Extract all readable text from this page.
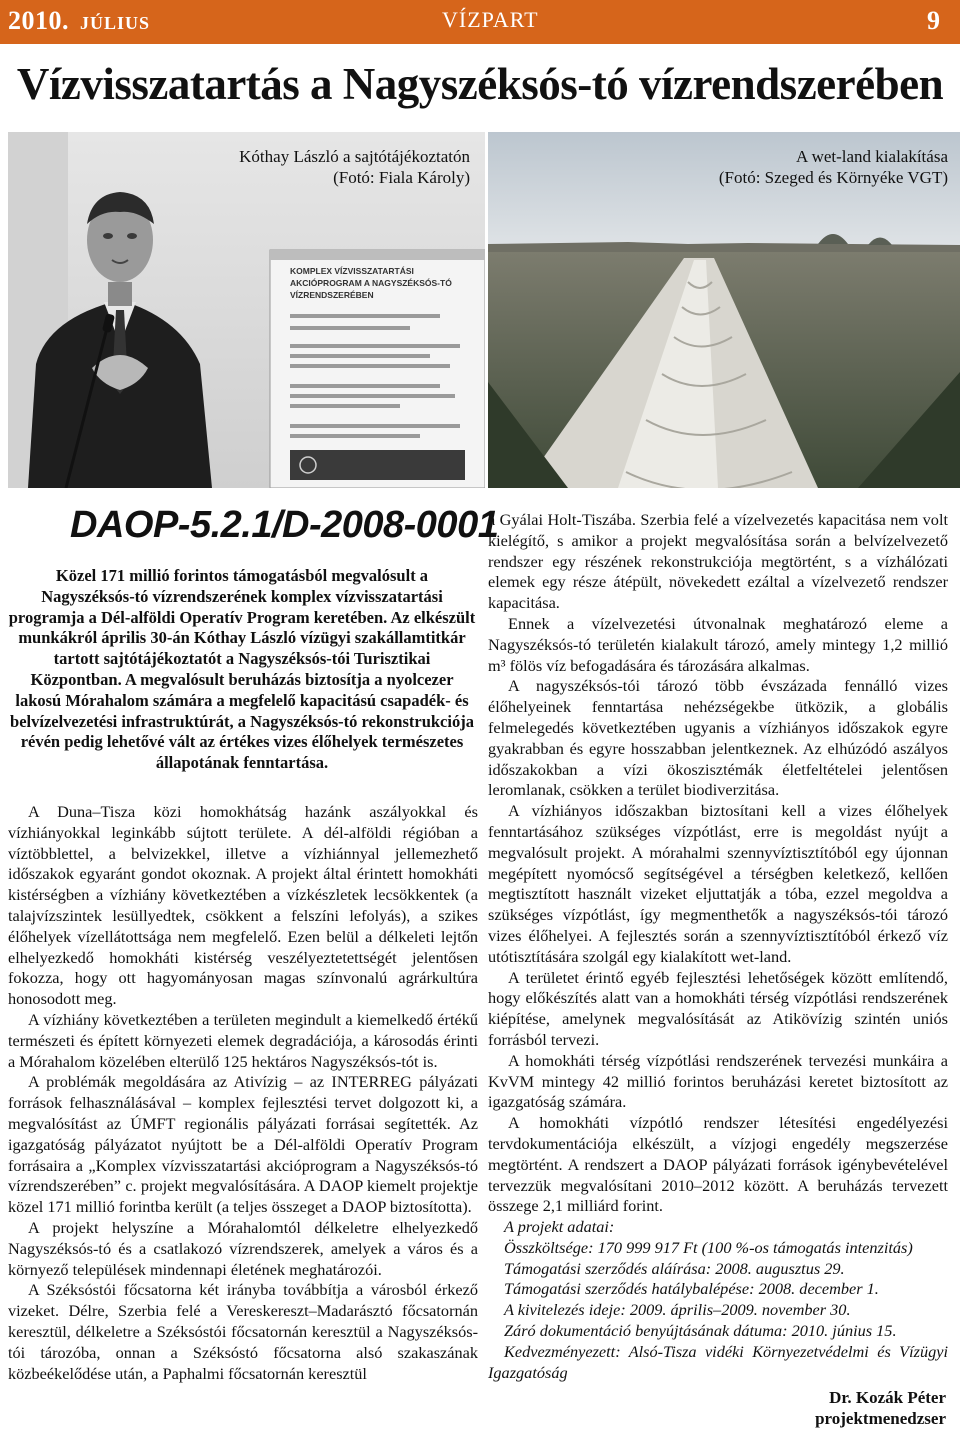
2010. JÚLIUS	VÍZPART	9
Vízvisszatartás a Nagyszéksós-tó vízrendszerében
KOMPLEX VÍZVISSZATARTÁSI
AKCIÓPROGRAM A NAGYSZÉKSÓS-TÓ
VÍZRENDSZERÉBEN
Kóthay László a sajtótájékoztatón
(Fotó: Fiala Károly)
A wet-land kialakítása
(Fotó: Szeged és Környéke VGT)
DAOP-5.2.1/D-2008-0001

Közel 171 millió forintos támogatásból megvalósult a Nagyszéksós-tó vízrendszerének komplex vízvisszatartási programja a Dél-alföldi Operatív Program keretében. Az elkészült munkákról április 30-án Kóthay László vízügyi szakállamtitkár tartott sajtótájékoztatót a Nagyszéksós-tói Turisztikai Központban. A megvalósult beruházás biztosítja a nyolcezer lakosú Mórahalom számára a megfelelő kapacitású csapadék- és belvízelvezetési infrastruktúrát, a Nagyszéksós-tó rekonstrukciója révén pedig lehetővé vált az értékes vizes élőhelyek természetes állapotának fenntartása.

A Duna–Tisza közi homokhátság hazánk aszályokkal és vízhiányokkal leginkább sújtott területe. A dél-alföldi régióban a víztöbblettel, a belvizekkel, illetve a vízhiánnyal jellemezhető időszakok egyaránt gondot okoznak. A projekt által érintett homokháti kistérségben a vízhiány következtében a vízkészletek lecsökkentek (a talajvízszintek lesüllyedtek, csökkent a felszíni lefolyás), a szikes élőhelyek vízellátottsága nem megfelelő. Ezen belül a délkeleti lejtőn elhelyezkedő homokháti kistérség veszélyeztetettségét jelentősen fokozza, hogy ott hagyományosan magas színvonalú agrárkultúra honosodott meg.

A vízhiány következtében a területen megindult a kiemelkedő értékű természeti és épített környezeti elemek degradációja, a károsodás érinti a Mórahalom közelében elterülő 125 hektáros Nagyszéksós-tót is.

A problémák megoldására az Ativízig – az INTERREG pályázati források felhasználásával – komplex fejlesztési tervet dolgozott ki, a megvalósítást az ÚMFT regionális pályázati forrásai segítették. Az igazgatóság pályázatot nyújtott be a Dél-alföldi Operatív Program forrásaira a „Komplex vízvisszatartási akcióprogram a Nagyszéksós-tó vízrendszerében” c. projekt megvalósítására. A DAOP kiemelt projektje közel 171 millió forintba került (a teljes összeget a DAOP biztosította).

A projekt helyszíne a Mórahalomtól délkeletre elhelyezkedő Nagyszéksós-tó és a csatlakozó vízrendszerek, amelyek a város és a környező települések mindennapi életének meghatározói.

A Széksóstói főcsatorna két irányba továbbítja a városból érkező vizeket. Délre, Szerbia felé a Vereskereszt–Madarásztó főcsatornán keresztül, délkeletre a Széksóstói főcsatornán keresztül a Nagyszéksós-tói tározóba, onnan a Széksóstó főcsatorna alsó szakaszának közbeékelődése után, a Paphalmi főcsatornán keresztül

a Gyálai Holt-Tiszába. Szerbia felé a vízelvezetés kapacitása nem volt kielégítő, s amikor a projekt megvalósítása során a belvízelvezető rendszer egy részének rekonstrukciója megtörtént, s a vízhálózati elemek egy része átépült, növekedett ezáltal a vízelvezető rendszer kapacitása.

Ennek a vízelvezetési útvonalnak meghatározó eleme a Nagyszéksós-tó területén kialakult tározó, amely mintegy 1,2 millió m³ fölös víz befogadására és tározására alkalmas.

A nagyszéksós-tói tározó több évszázada fennálló vizes élőhelyeinek fenntartása nehézségekbe ütközik, a globális felmelegedés következtében ugyanis a vízhiányos időszakok egyre gyakrabban és egyre hosszabban jelentkeznek. Az elhúzódó aszályos időszakokban a vízi ökoszisztémák életfeltételei jelentősen leromlanak, csökken a terület biodiverzitása.

A vízhiányos időszakban biztosítani kell a vizes élőhelyek fenntartásához szükséges vízpótlást, erre is megoldást nyújt a megvalósult projekt. A mórahalmi szennyvíztisztítóból egy újonnan megépített nyomócső segítségével a térségben keletkező, kellően megtisztított használt vizeket eljuttatják a tóba, ezzel megoldva a szükséges vízpótlást, így megmenthetők a nagyszéksós-tói tározó vizes élőhelyei. A fejlesztés során a szennyvíztisztítóból érkező víz utótisztítására szolgál egy kialakított wet-land.

A területet érintő egyéb fejlesztési lehetőségek között említendő, hogy előkészítés alatt van a homokháti térség vízpótlási rendszerének kiépítése, amelynek megvalósítását az Atikövízig szintén uniós forrásból tervezi.

A homokháti térség vízpótlási rendszerének tervezési munkáira a KvVM mintegy 42 millió forintos beruházási keretet biztosított az igazgatóság számára.

A homokháti vízpótló rendszer létesítési engedélyezési tervdokumentációja elkészült, a vízjogi engedély megszerzése megtörtént. A rendszert a DAOP pályázati források igénybevételével tervezzük megvalósítani 2010–2012 között. A beruházás tervezett összege 2,1 milliárd forint.

A projekt adatai:

Összköltsége: 170 999 917 Ft (100 %-os támogatás intenzitás)

Támogatási szerződés aláírása: 2008. augusztus 29.

Támogatási szerződés hatálybalépése: 2008. december 1.

A kivitelezés ideje: 2009. április–2009. november 30.

Záró dokumentáció benyújtásának dátuma: 2010. június 15.

Kedvezményezett: Alsó-Tisza vidéki Környezetvédelmi és Vízügyi Igazgatóság

Dr. Kozák Péter
projektmenedzser
